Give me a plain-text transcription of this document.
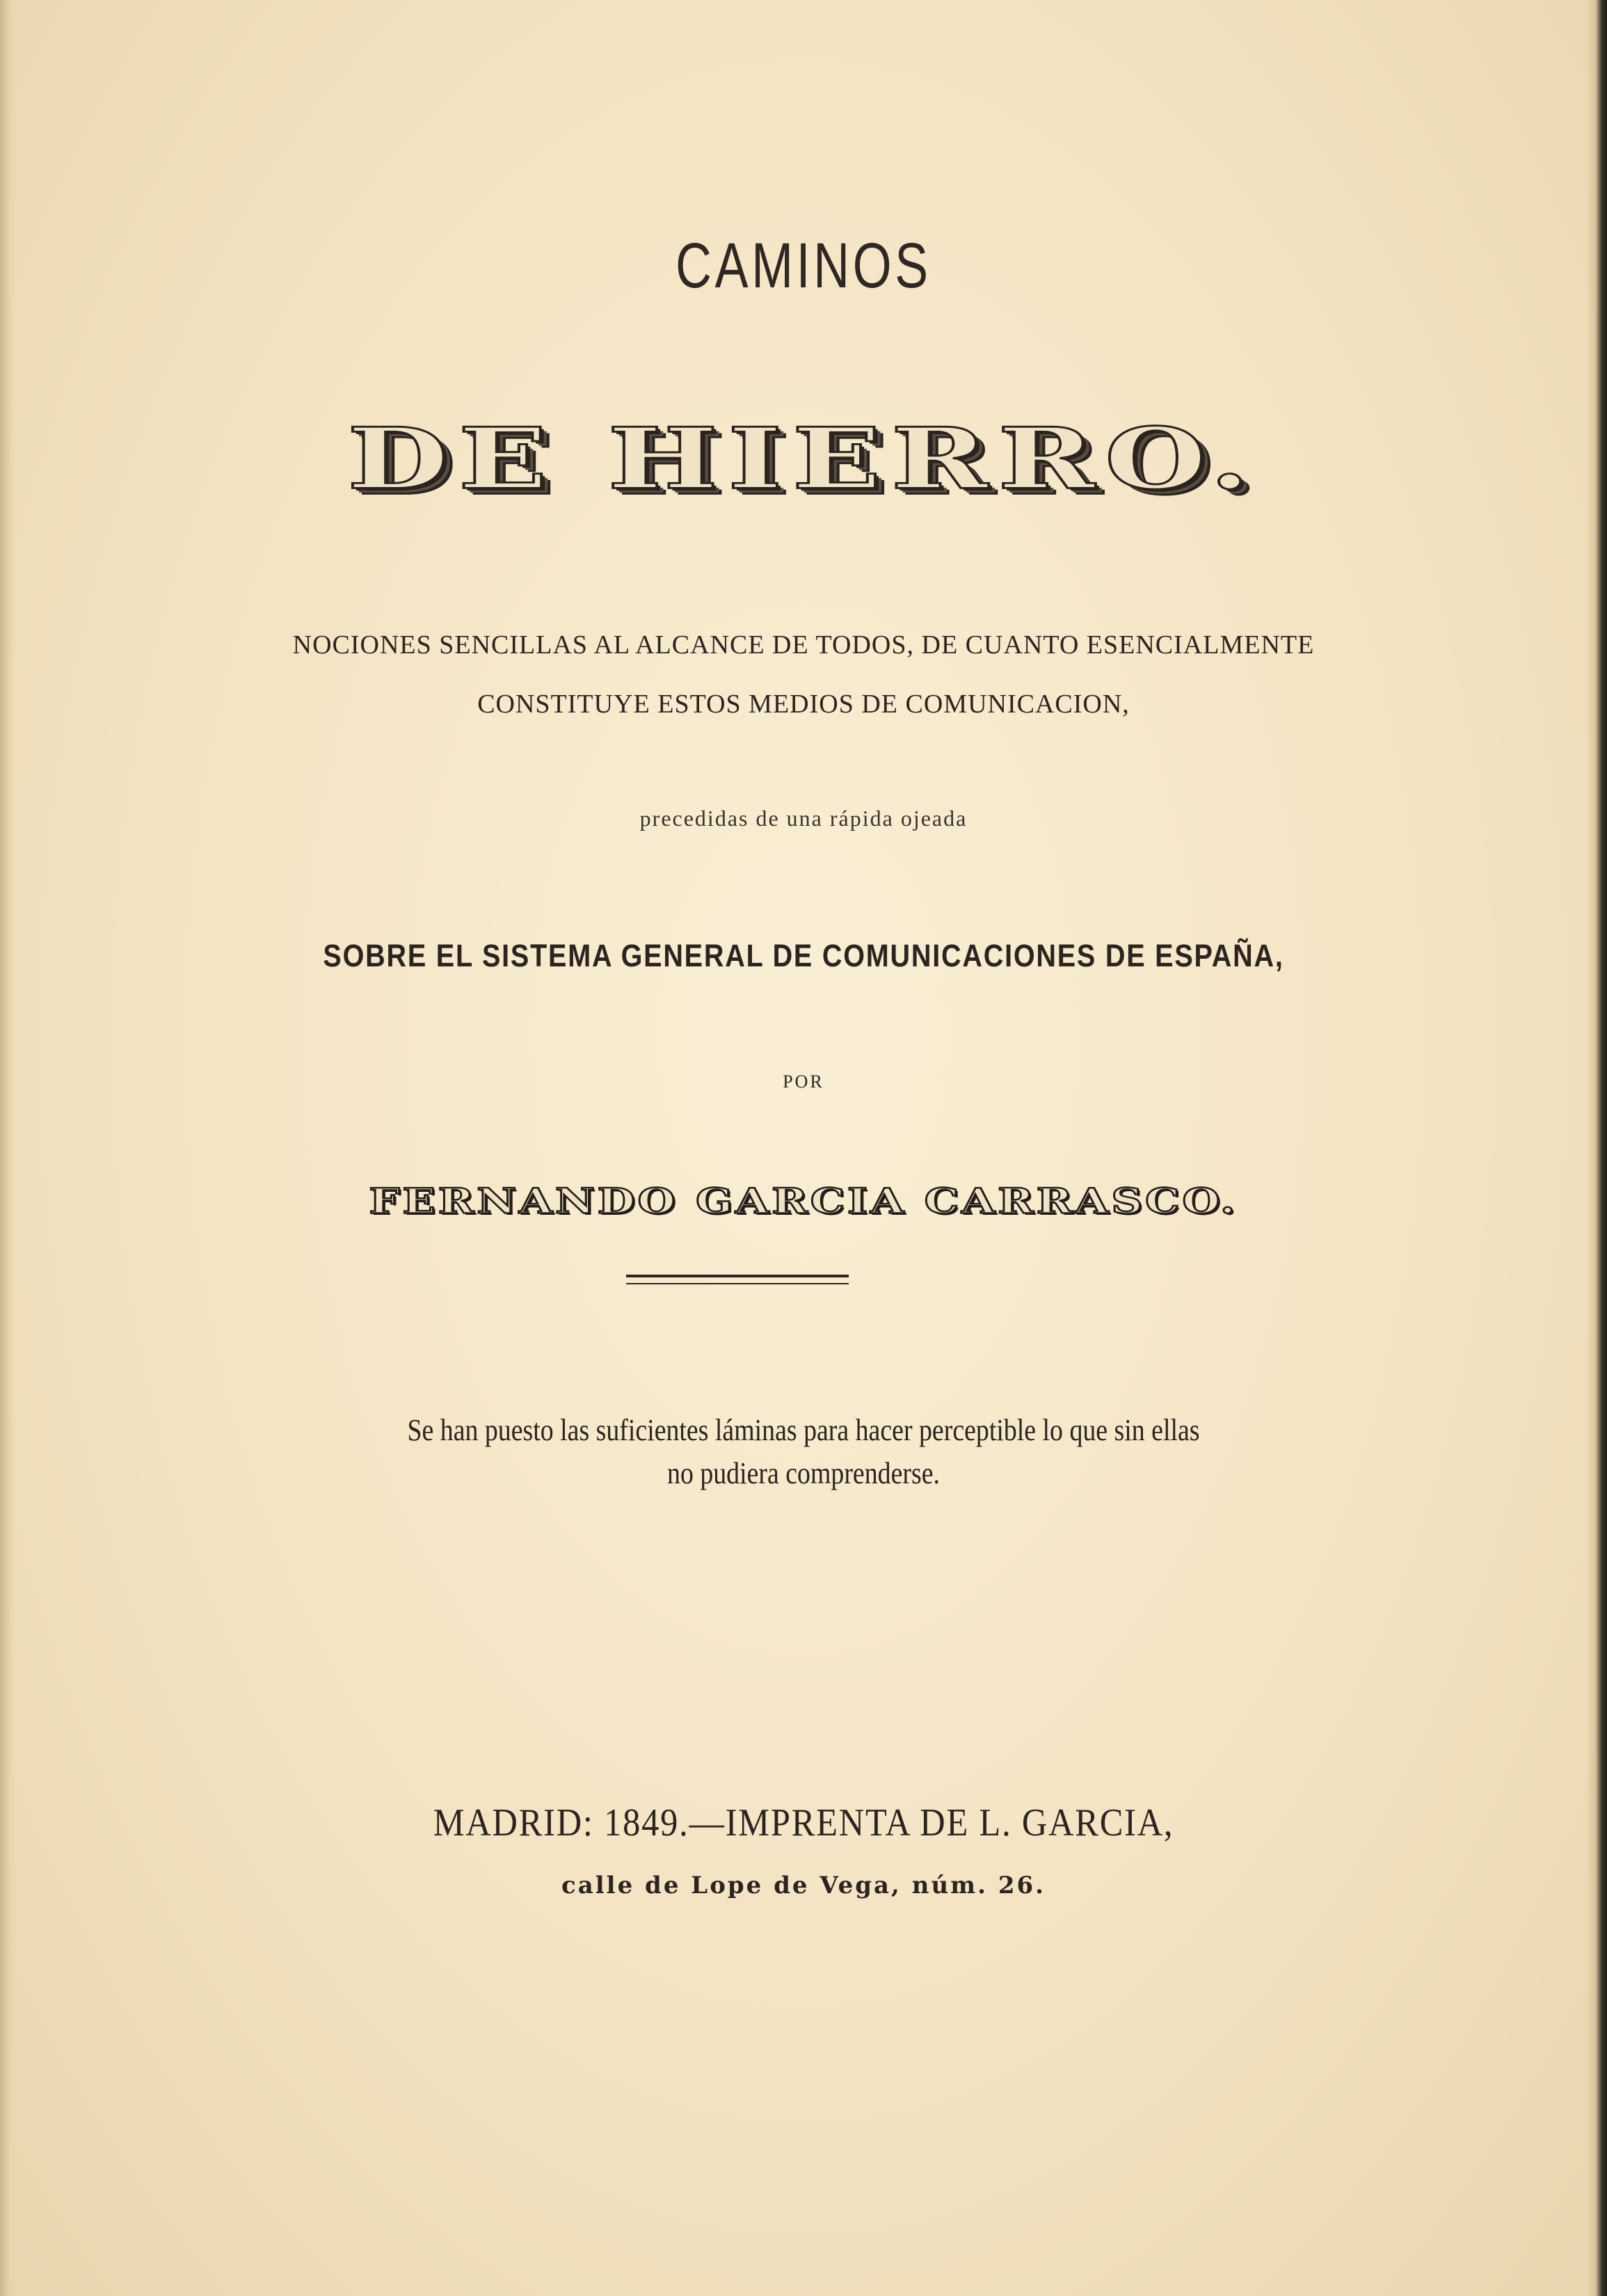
CAMINOS
DE HIERRO.
NOCIONES SENCILLAS AL ALCANCE DE TODOS, DE CUANTO ESENCIALMENTE
CONSTITUYE ESTOS MEDIOS DE COMUNICACION,
precedidas de una rápida ojeada
SOBRE EL SISTEMA GENERAL DE COMUNICACIONES DE ESPAÑA,
POR
FERNANDO GARCIA CARRASCO.
Se han puesto las suficientes láminas para hacer perceptible lo que sin ellas
no pudiera comprenderse.
MADRID: 1849.—IMPRENTA DE L. GARCIA,
calle de Lope de Vega, núm. 26.
